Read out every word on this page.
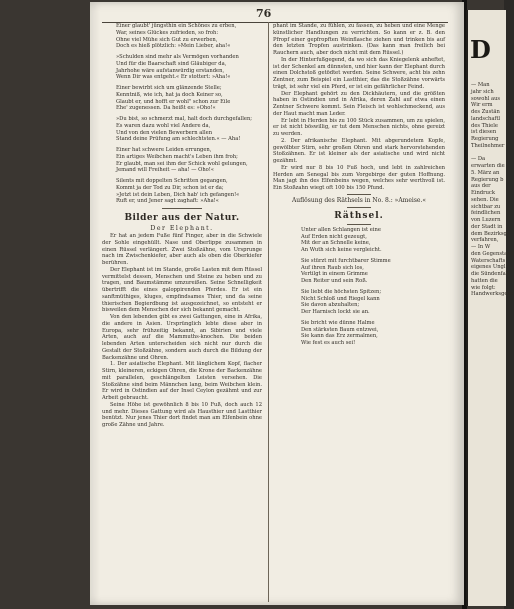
76
Einer glaubt' jüngsthin ein Schönes zu erben,
War, seines Glückes zufrieden, so froh:
Ohne viel Mühe sich Gut zu erwerben,
Doch es hieß plötzlich: »Mein Lieber, aha!«
»Schulden sind mehr als Vermögen vorhanden
Und für die Baarschaft sind Gläubiger da,
Jahrhohe wäre aufstanwürdig erstanden,
Wenn Dir was entgeht.« Er stottert: »Aha!«
Einer bewirbt sich um glänzende Stelle;
Kenntniß, wie ich, hat ja doch Keiner so,
Glaubt er, und hofft er wohl" schon zur Eile
Ehe' zugenessen. Da heißt es: »Oho!«
»Du bist, so schmerzt mal, halt doch durchgefallen;
Es waren dazu wohl viel Andere da,
Und von den vielen Bewerbern allen
Stand deine Prüfung am schlechtsten.« — Aha!
Einer hat schwere Leiden errungen,
Ein artiges Weibchen macht's Leben ihm froh;
Er glaubt, man sei ihm der Schick wohl gelungen,
Jemand will Freiheit — aha! — Oho!«
Silents mit doppelten Schritten gegangen,
Kommt ja der Tod zu Dir, schon ist er da;
»Jetzt ist dein Leben, Dich hab' ich gefangen!«
Ruft er, und Jener sagt zaghaft: »Aha!«
Bilder aus der Natur.
Der Elephant.

Er hat an jedem Fuße fünf Finger, aber in die Schwiele der Sohle eingehüllt. Nase und Oberlippe zusammen in einen Rüssel verlängert. Zwei Stoßzähne, vom Ursprunge nach im Zwischenkiefer, aber auch als oben die Oberkiefer berühren.

Der Elephant ist im Stande, große Lasten mit dem Rüssel vermittelst dessen, Menschen und Steine zu heben und zu tragen, und Baumstämme umzureißen. Seine Schnelligkeit übertrifft die eines galoppirenden Pferdes. Er ist ein sanftmüthiges, kluges, empfindsames Thier, und da seine thierischen Begierdbung ist ausgezeichnet, so entsteht er bisweilen dem Menschen der sich bekannt gemacht.

Von den lebenden gibt es zwei Gattungen, eine in Afrika, die andere in Asien. Ursprünglich lebte diese aber in Europa, sehr frühzeitig bekannt, an Sibirien und viele Arten, auch auf die Mammuths-knochen. Die beiden lebenden Arten unterscheiden sich nicht nur durch die Gestalt der Stoßzähne, sondern auch durch die Bildung der Backenzähne und Ohren.

1. Der asiatische Elephant. Mit länglichem Kopf, flacher Stirn, kleineren, eckigen Ohren, die Krone der Backenzähne mit parallelen, geschlängelten Leisten versehen. Die Stoßzähne sind beim Männchen lang, beim Weibchen klein. Er wird in Ostindien auf der Insel Ceylon gezähmt und zur Arbeit gebraucht.

Seine Höhe ist gewöhnlich 8 bis 10 Fuß, doch auch 12 und mehr. Dieses Gattung wird als Hausthier und Lastthier benützt. Nur jenes Thier dort findet man am Elfenbein ohne große Zähne und Jahre.

phant im Stande, zu fühlen, zu fassen, zu heben und eine Menge künstlicher Handlungen zu verrichten. So kann er z. B. den Pfropf einer gepfropften Weinflasche ziehen und trinken bis auf den letzten Tropfen austrinken. (Das kann man freilich bei Rauchern auch, aber doch nicht mit dem Rüssel.)

In der Hinterfußgegend, da wo sich das Kniegelenk anheftet, ist der Schenkel am dünnsten, und hier kann der Elephant durch einen Dolchstoß getödtet werden. Seine Schwere, acht bis zehn Zentner, zum Beispiel ein Lastthier, das die Stoßzähne vorwärts trägt, ist sehr viel ein Pferd, er ist ein gefährlicher Feind.

Der Elephant gehört zu den Dickhäutern, und die größten haben in Ostindien und in Afrika, deren Zahl auf etwa einen Zentner Schwere kommt. Sein Fleisch ist wohlschmeckend, aus der Haut macht man Leder.

Er lebt in Herden bis zu 100 Stück zusammen, um zu spielen, er ist nicht böswillig, er tut dem Menschen nichts, ohne gereizt zu werden.

2. Der afrikanische Elephant. Mit abgerundetem Kopfe, gewölbter Stirn, sehr großen Ohren und stark hervorstehenden Stoßzähnen. Er ist kleiner als der asiatische und wird nicht gezähmt.

Er wird nur 8 bis 10 Fuß hoch, und lebt in zahlreichen Herden am Senegal bis zum Vorgebirge der guten Hoffnung. Man jagt ihn des Elfenbeins wegen, welches sehr werthvoll ist. Ein Stoßzahn wiegt oft 100 bis 150 Pfund.

Auflösung des Räthsels in No. 8.: »Ameise.«
Räthsel.
Unter allen Schlangen ist eine
Auf Erden nicht gezeugt,
Mit der an Schnelle keine,
An Wuth sich keine vergleicht.
Sie stürzt mit furchtbarer Stimme
Auf ihren Raub sich los,
Vertilgt in einem Grimme
Den Reiter und sein Roß.
Sie liebt die höchsten Spitzen;
Nicht Schloß und Riegel kann
Sie davon abzuhalten;
Der Harnisch lockt sie an.
Sie bricht wie dünne Halme
Den stärksten Baum entzwei,
Sie kann das Erz zermalmen,
Wie fest es auch sei!
D
— Man
jahr sich
sowohl aus
Wir erm
des Zustän
landschaftl
des Thiele
ist diesen
Regierung
Theilnehmer

— Da
erwarten die
5. März an
Regierung b
aus der
Eindruck
sehen. Die
sichtbar zu
feindlichen
von Luzern
der Stadt in
dem Bezirksg
verfahren,
— In W
den Gegenstand
Waterschafts
eigenes Ungl
die Sündenfall
hatten die
wie folgt:
Handwerksgese
